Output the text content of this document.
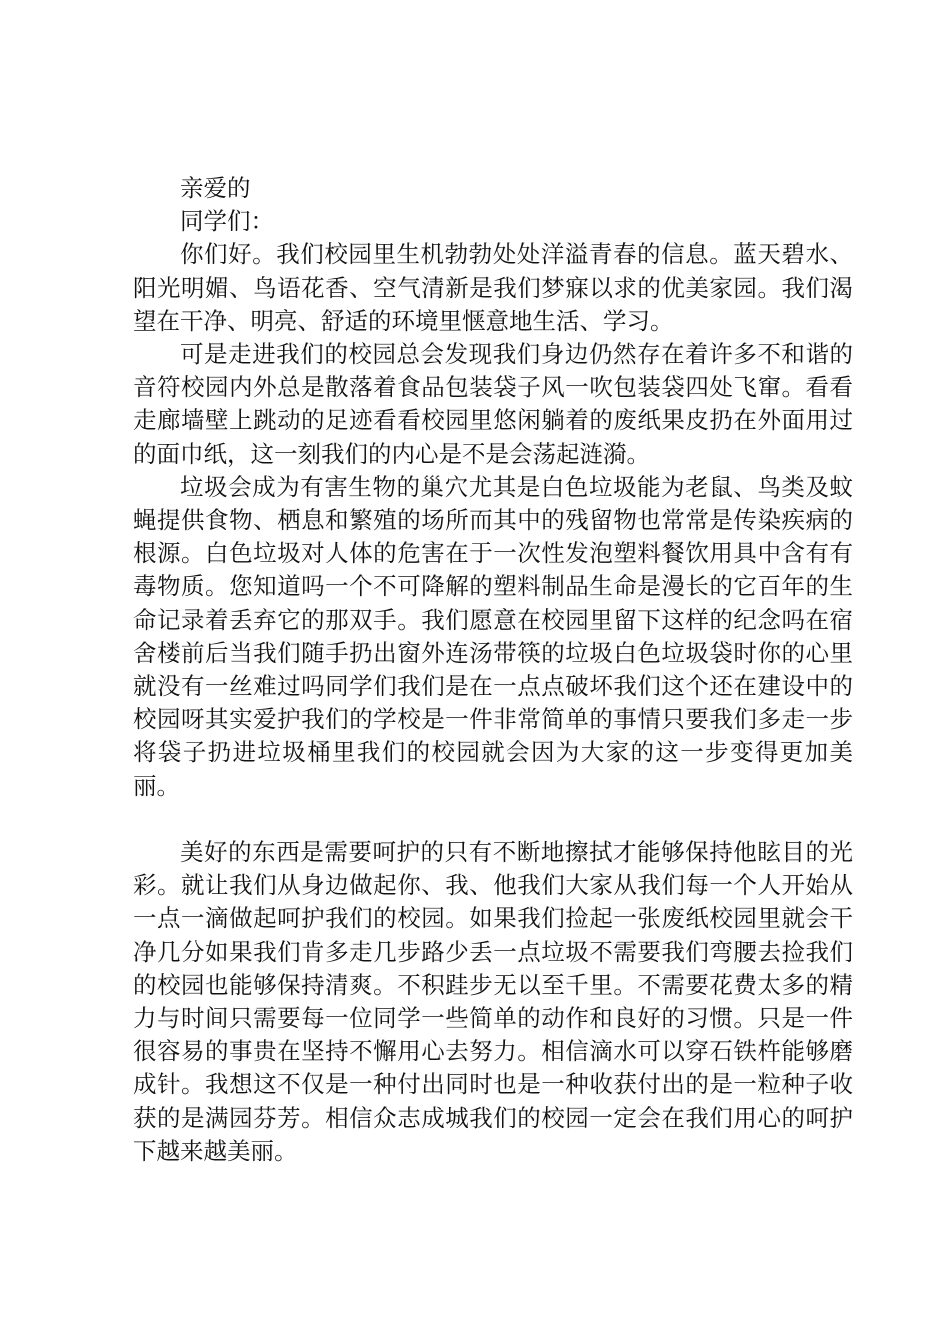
亲爱的

同学们：

你们好。我们校园里生机勃勃处处洋溢青春的信息。蓝天碧水、阳光明媚、鸟语花香、空气清新是我们梦寐以求的优美家园。我们渴望在干净、明亮、舒适的环境里惬意地生活、学习。

可是走进我们的校园总会发现我们身边仍然存在着许多不和谐的音符校园内外总是散落着食品包装袋子风一吹包装袋四处飞窜。看看走廊墙壁上跳动的足迹看看校园里悠闲躺着的废纸果皮扔在外面用过的面巾纸，这一刻我们的内心是不是会荡起涟漪。

垃圾会成为有害生物的巢穴尤其是白色垃圾能为老鼠、鸟类及蚊蝇提供食物、栖息和繁殖的场所而其中的残留物也常常是传染疾病的根源。白色垃圾对人体的危害在于一次性发泡塑料餐饮用具中含有有毒物质。您知道吗一个不可降解的塑料制品生命是漫长的它百年的生命记录着丢弃它的那双手。我们愿意在校园里留下这样的纪念吗在宿舍楼前后当我们随手扔出窗外连汤带筷的垃圾白色垃圾袋时你的心里就没有一丝难过吗同学们我们是在一点点破坏我们这个还在建设中的校园呀其实爱护我们的学校是一件非常简单的事情只要我们多走一步将袋子扔进垃圾桶里我们的校园就会因为大家的这一步变得更加美丽。

美好的东西是需要呵护的只有不断地擦拭才能够保持他眩目的光彩。就让我们从身边做起你、我、他我们大家从我们每一个人开始从一点一滴做起呵护我们的校园。如果我们捡起一张废纸校园里就会干净几分如果我们肯多走几步路少丢一点垃圾不需要我们弯腰去捡我们的校园也能够保持清爽。不积跬步无以至千里。不需要花费太多的精力与时间只需要每一位同学一些简单的动作和良好的习惯。只是一件很容易的事贵在坚持不懈用心去努力。相信滴水可以穿石铁杵能够磨成针。我想这不仅是一种付出同时也是一种收获付出的是一粒种子收获的是满园芬芳。相信众志成城我们的校园一定会在我们用心的呵护下越来越美丽。
